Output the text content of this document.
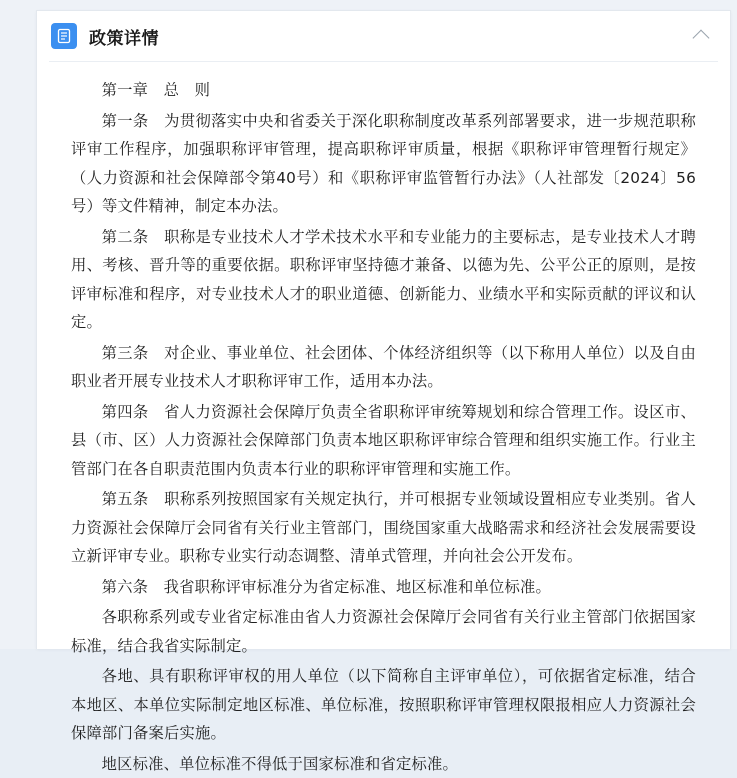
政策详情

第一章　总　则

第一条　为贯彻落实中央和省委关于深化职称制度改革系列部署要求，进一步规范职称评审工作程序，加强职称评审管理，提高职称评审质量，根据《职称评审管理暂行规定》（人力资源和社会保障部令第40号）和《职称评审监管暂行办法》（人社部发〔2024〕56号）等文件精神，制定本办法。

第二条　职称是专业技术人才学术技术水平和专业能力的主要标志，是专业技术人才聘用、考核、晋升等的重要依据。职称评审坚持德才兼备、以德为先、公平公正的原则，是按评审标准和程序，对专业技术人才的职业道德、创新能力、业绩水平和实际贡献的评议和认定。

第三条　对企业、事业单位、社会团体、个体经济组织等（以下称用人单位）以及自由职业者开展专业技术人才职称评审工作，适用本办法。

第四条　省人力资源社会保障厅负责全省职称评审统筹规划和综合管理工作。设区市、县（市、区）人力资源社会保障部门负责本地区职称评审综合管理和组织实施工作。行业主管部门在各自职责范围内负责本行业的职称评审管理和实施工作。

第五条　职称系列按照国家有关规定执行，并可根据专业领域设置相应专业类别。省人力资源社会保障厅会同省有关行业主管部门，围绕国家重大战略需求和经济社会发展需要设立新评审专业。职称专业实行动态调整、清单式管理，并向社会公开发布。

第六条　我省职称评审标准分为省定标准、地区标准和单位标准。

各职称系列或专业省定标准由省人力资源社会保障厅会同省有关行业主管部门依据国家标准，结合我省实际制定。

各地、具有职称评审权的用人单位（以下简称自主评审单位），可依据省定标准，结合本地区、本单位实际制定地区标准、单位标准，按照职称评审管理权限报相应人力资源社会保障部门备案后实施。

地区标准、单位标准不得低于国家标准和省定标准。
